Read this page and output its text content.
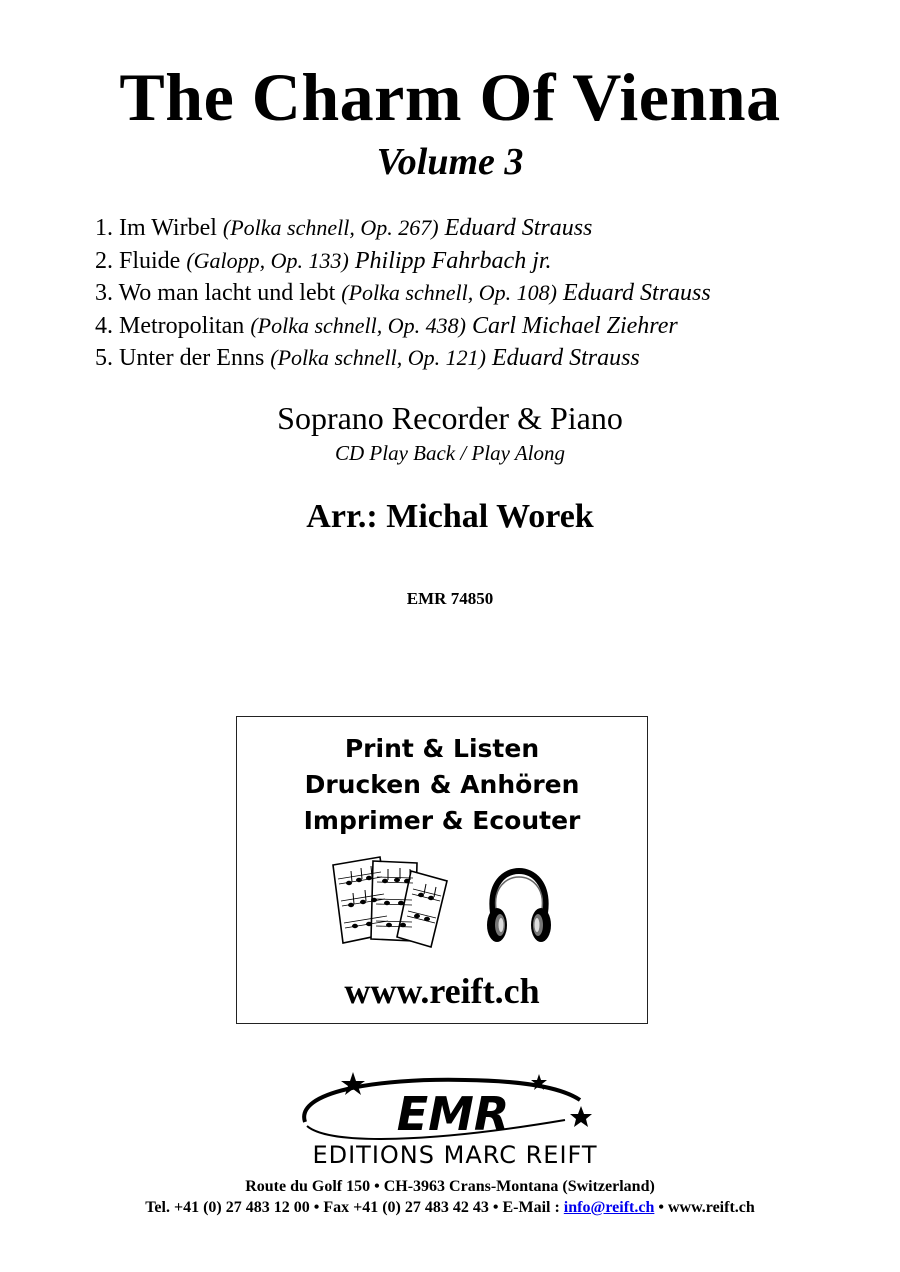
The Charm Of Vienna
Volume 3
1. Im Wirbel (Polka schnell, Op. 267) Eduard Strauss
2. Fluide (Galopp, Op. 133) Philipp Fahrbach jr.
3. Wo man lacht und lebt (Polka schnell, Op. 108) Eduard Strauss
4. Metropolitan (Polka schnell, Op. 438) Carl Michael Ziehrer
5. Unter der Enns (Polka schnell, Op. 121) Eduard Strauss
Soprano Recorder & Piano
CD Play Back / Play Along
Arr.: Michal Worek
EMR 74850
Print & Listen
Drucken & Anhören
Imprimer & Ecouter
www.reift.ch
EMR
EDITIONS MARC REIFT
Route du Golf 150 • CH-3963 Crans-Montana (Switzerland)
Tel. +41 (0) 27 483 12 00 • Fax +41 (0) 27 483 42 43 • E-Mail : info@reift.ch • www.reift.ch
